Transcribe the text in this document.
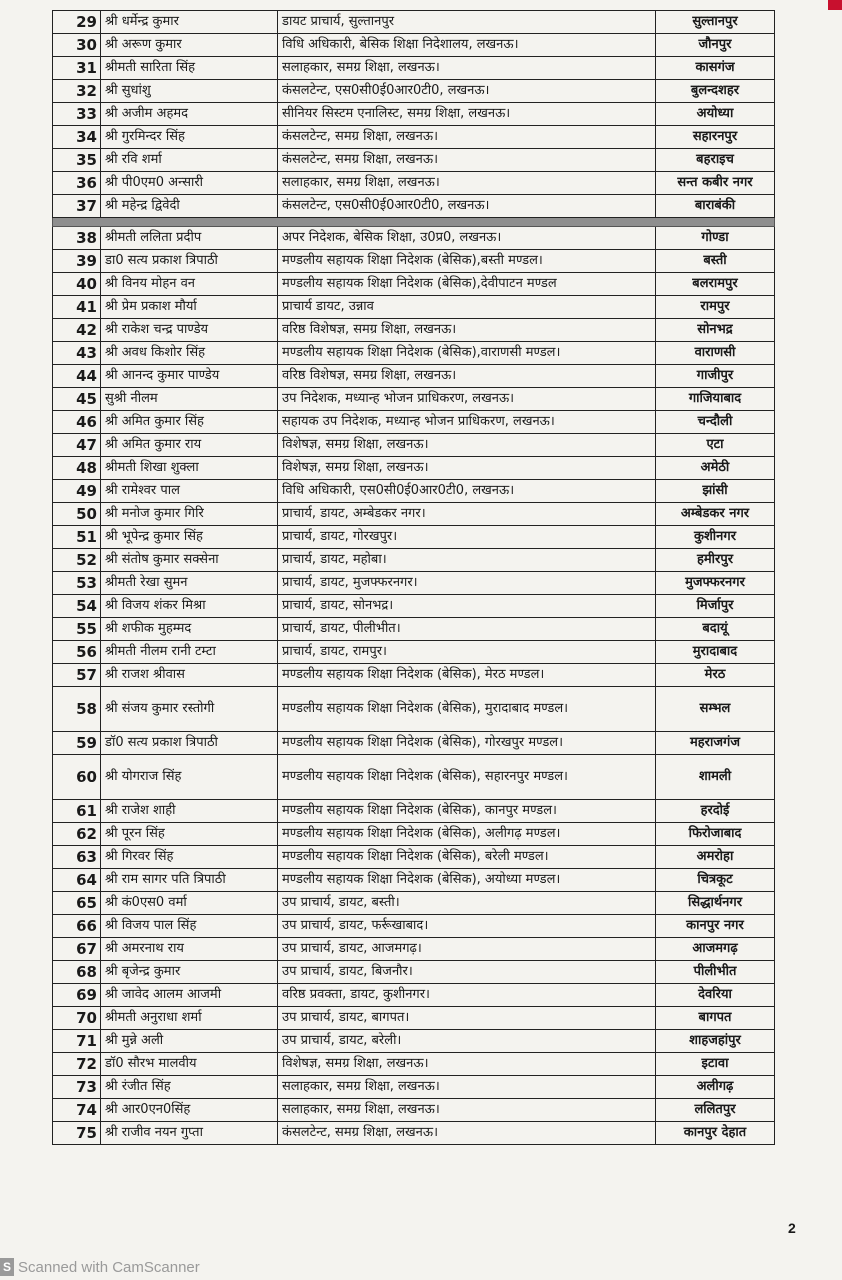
29	श्री धर्मेन्द्र कुमार	डायट प्राचार्य, सुल्तानपुर	सुल्तानपुर
30	श्री अरूण कुमार	विधि अधिकारी, बेसिक शिक्षा निदेशालय, लखनऊ।	जौनपुर
31	श्रीमती सारिता सिंह	सलाहकार, समग्र शिक्षा, लखनऊ।	कासगंज
32	श्री सुधांशु	कंसलटेन्ट, एस0सी0ई0आर0टी0, लखनऊ।	बुलन्दशहर
33	श्री अजीम अहमद	सीनियर सिस्टम एनालिस्ट, समग्र शिक्षा, लखनऊ।	अयोध्या
34	श्री गुरमिन्दर सिंह	कंसलटेन्ट, समग्र शिक्षा, लखनऊ।	सहारनपुर
35	श्री रवि शर्मा	कंसलटेन्ट, समग्र शिक्षा, लखनऊ।	बहराइच
36	श्री पी0एम0 अन्सारी	सलाहकार, समग्र शिक्षा, लखनऊ।	सन्त कबीर नगर
37	श्री महेन्द्र द्विवेदी	कंसलटेन्ट, एस0सी0ई0आर0टी0, लखनऊ।	बाराबंकी

38	श्रीमती ललिता प्रदीप	अपर निदेशक, बेसिक शिक्षा, उ0प्र0, लखनऊ।	गोण्डा
39	डा0 सत्य प्रकाश त्रिपाठी	मण्डलीय सहायक शिक्षा निदेशक (बेसिक),बस्ती मण्डल।	बस्ती
40	श्री विनय मोहन वन	मण्डलीय सहायक शिक्षा निदेशक (बेसिक),देवीपाटन मण्डल	बलरामपुर
41	श्री प्रेम प्रकाश मौर्या	प्राचार्य डायट, उन्नाव	रामपुर
42	श्री राकेश चन्द्र पाण्डेय	वरिष्ठ विशेषज्ञ, समग्र शिक्षा, लखनऊ।	सोनभद्र
43	श्री अवध किशोर सिंह	मण्डलीय सहायक शिक्षा निदेशक (बेसिक),वाराणसी मण्डल।	वाराणसी
44	श्री आनन्द कुमार पाण्डेय	वरिष्ठ विशेषज्ञ, समग्र शिक्षा, लखनऊ।	गाजीपुर
45	सुश्री नीलम	उप निदेशक, मध्यान्ह भोजन प्राधिकरण, लखनऊ।	गाजियाबाद
46	श्री अमित कुमार सिंह	सहायक उप निदेशक, मध्यान्ह भोजन प्राधिकरण, लखनऊ।	चन्दौली
47	श्री अमित कुमार राय	विशेषज्ञ, समग्र शिक्षा, लखनऊ।	एटा
48	श्रीमती शिखा शुक्ला	विशेषज्ञ, समग्र शिक्षा, लखनऊ।	अमेठी
49	श्री रामेश्वर पाल	विधि अधिकारी, एस0सी0ई0आर0टी0, लखनऊ।	झांसी
50	श्री मनोज कुमार गिरि	प्राचार्य, डायट, अम्बेडकर नगर।	अम्बेडकर नगर
51	श्री भूपेन्द्र कुमार सिंह	प्राचार्य, डायट, गोरखपुर।	कुशीनगर
52	श्री संतोष कुमार सक्सेना	प्राचार्य, डायट, महोबा।	हमीरपुर
53	श्रीमती रेखा सुमन	प्राचार्य, डायट, मुजफ्फरनगर।	मुजफ्फरनगर
54	श्री विजय शंकर मिश्रा	प्राचार्य, डायट, सोनभद्र।	मिर्जापुर
55	श्री शफीक मुहम्मद	प्राचार्य, डायट, पीलीभीत।	बदायूं
56	श्रीमती नीलम रानी टम्टा	प्राचार्य, डायट, रामपुर।	मुरादाबाद
57	श्री राजश श्रीवास	मण्डलीय सहायक शिक्षा निदेशक (बेसिक), मेरठ मण्डल।	मेरठ
58	श्री संजय कुमार रस्तोगी	मण्डलीय सहायक शिक्षा निदेशक (बेसिक), मुरादाबाद मण्डल।	सम्भल
59	डॉ0 सत्य प्रकाश त्रिपाठी	मण्डलीय सहायक शिक्षा निदेशक (बेसिक), गोरखपुर मण्डल।	महराजगंज
60	श्री योगराज सिंह	मण्डलीय सहायक शिक्षा निदेशक (बेसिक), सहारनपुर मण्डल।	शामली
61	श्री राजेश शाही	मण्डलीय सहायक शिक्षा निदेशक (बेसिक), कानपुर मण्डल।	हरदोई
62	श्री पूरन सिंह	मण्डलीय सहायक शिक्षा निदेशक (बेसिक), अलीगढ़ मण्डल।	फिरोजाबाद
63	श्री गिरवर सिंह	मण्डलीय सहायक शिक्षा निदेशक (बेसिक), बरेली मण्डल।	अमरोहा
64	श्री राम सागर पति त्रिपाठी	मण्डलीय सहायक शिक्षा निदेशक (बेसिक), अयोध्या मण्डल।	चित्रकूट
65	श्री कं0एस0 वर्मा	उप प्राचार्य, डायट, बस्ती।	सिद्धार्थनगर
66	श्री विजय पाल सिंह	उप प्राचार्य, डायट, फर्रूखाबाद।	कानपुर नगर
67	श्री अमरनाथ राय	उप प्राचार्य, डायट, आजमगढ़।	आजमगढ़
68	श्री बृजेन्द्र कुमार	उप प्राचार्य, डायट, बिजनौर।	पीलीभीत
69	श्री जावेद आलम आजमी	वरिष्ठ प्रवक्ता, डायट, कुशीनगर।	देवरिया
70	श्रीमती अनुराधा शर्मा	उप प्राचार्य, डायट, बागपत।	बागपत
71	श्री मुन्ने अली	उप प्राचार्य, डायट, बरेली।	शाहजहांपुर
72	डॉ0 सौरभ मालवीय	विशेषज्ञ, समग्र शिक्षा, लखनऊ।	इटावा
73	श्री रंजीत सिंह	सलाहकार, समग्र शिक्षा, लखनऊ।	अलीगढ़
74	श्री आर0एन0सिंह	सलाहकार, समग्र शिक्षा, लखनऊ।	ललितपुर
75	श्री राजीव नयन गुप्ता	कंसलटेन्ट, समग्र शिक्षा, लखनऊ।	कानपुर देहात
2
S Scanned with CamScanner
